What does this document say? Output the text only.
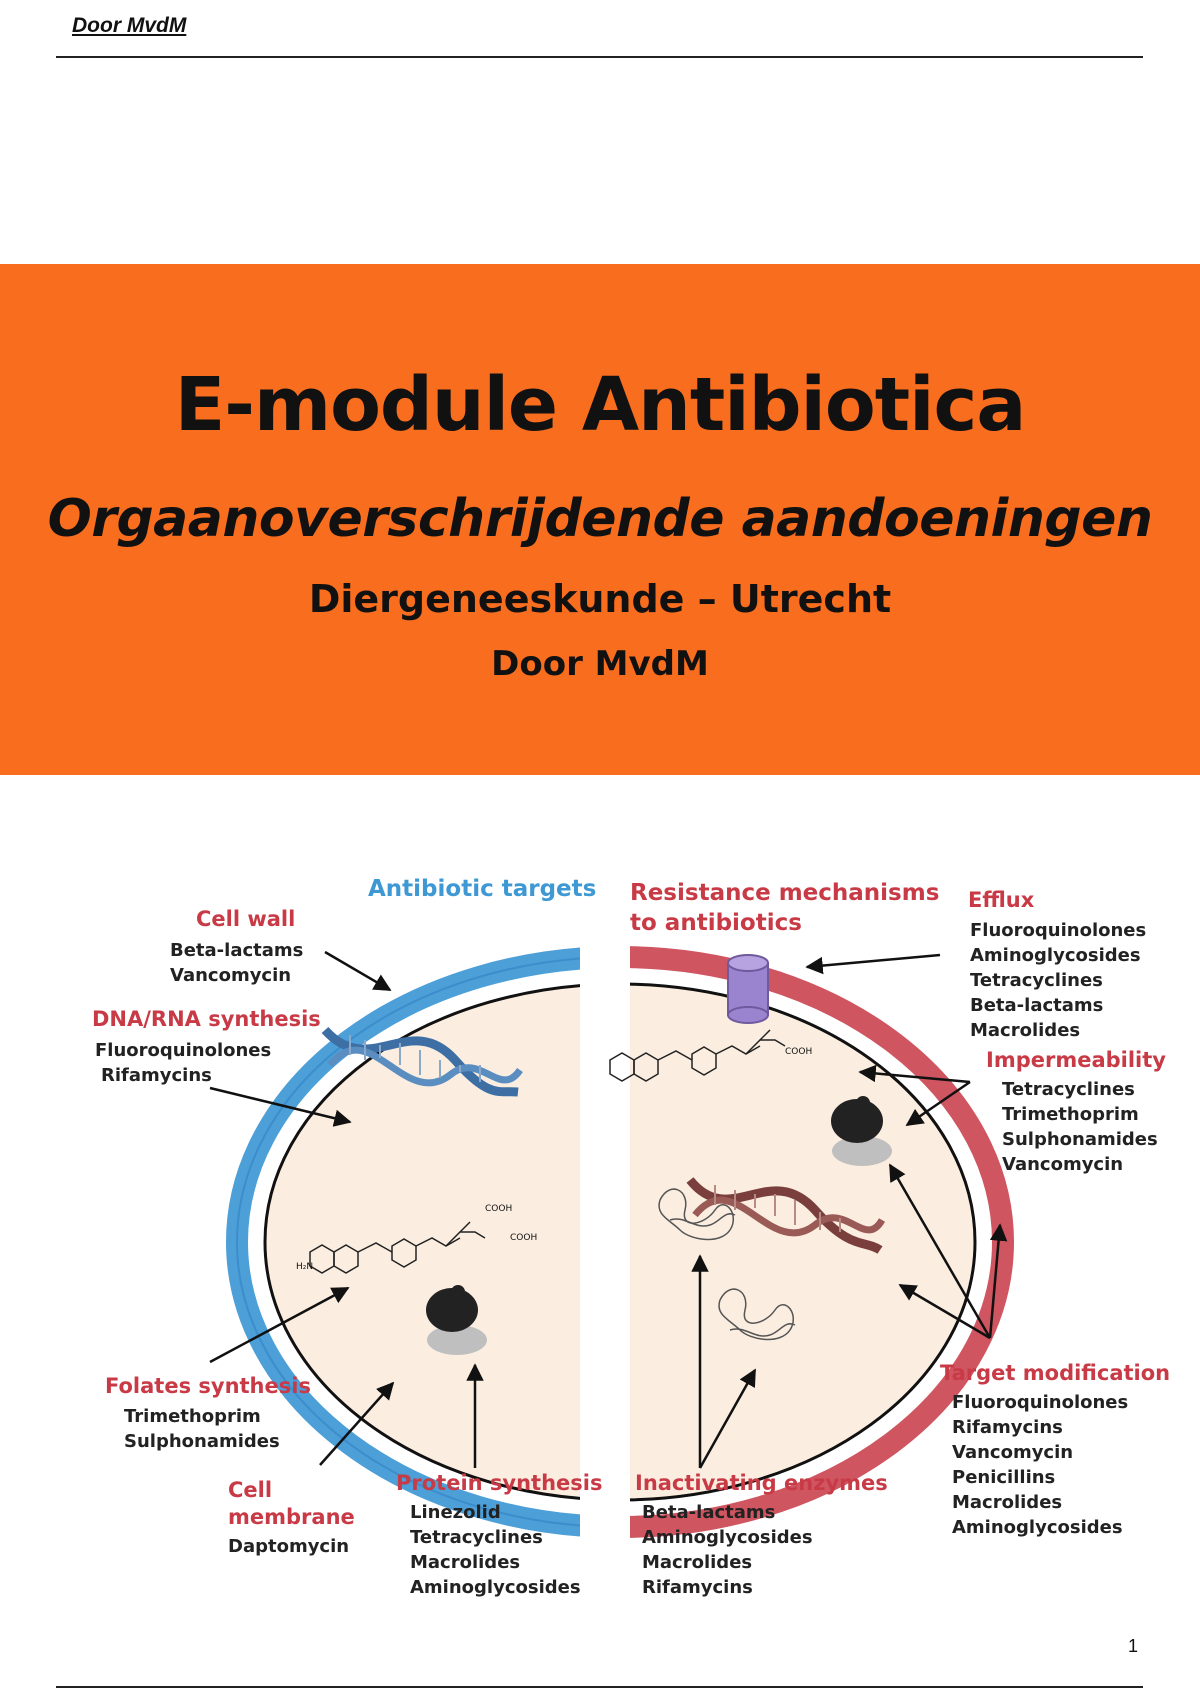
Door MvdM
E-module Antibiotica
Orgaanoverschrijdende aandoeningen
Diergeneeskunde – Utrecht
Door MvdM
COOH
COOH
H₂N
COOH
Antibiotic targets
Cell wall
Beta-lactams
Vancomycin
DNA/RNA synthesis
Fluoroquinolones
Rifamycins
Folates synthesis
Trimethoprim
Sulphonamides
Cell membrane
Daptomycin
Protein synthesis
Linezolid
Tetracyclines
Macrolides
Aminoglycosides
Resistance mechanisms to antibiotics
Efflux
Fluoroquinolones
Aminoglycosides
Tetracyclines
Beta-lactams
Macrolides
Impermeability
Tetracyclines
Trimethoprim
Sulphonamides
Vancomycin
Target modification
Fluoroquinolones
Rifamycins
Vancomycin
Penicillins
Macrolides
Aminoglycosides
Inactivating enzymes
Beta-lactams
Aminoglycosides
Macrolides
Rifamycins
1
